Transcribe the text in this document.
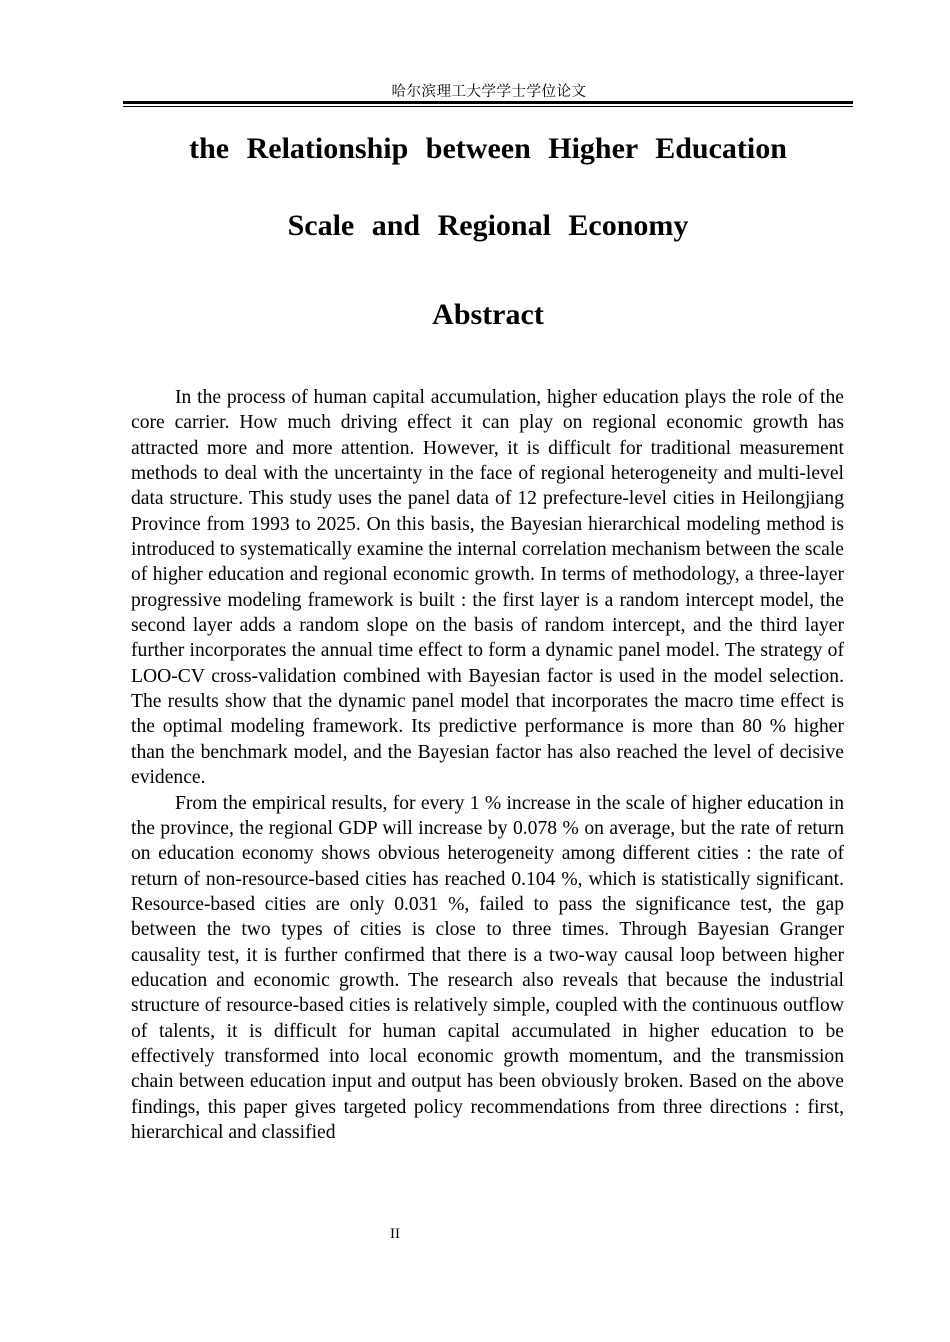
哈尔滨理工大学学士学位论文
the Relationship between Higher Education
Scale and Regional Economy
Abstract

In the process of human capital accumulation, higher education plays the role of the core carrier. How much driving effect it can play on regional economic growth has attracted more and more attention. However, it is difficult for traditional measurement methods to deal with the uncertainty in the face of regional heterogeneity and multi-level data structure. This study uses the panel data of 12 prefecture-level cities in Heilongjiang Province from 1993 to 2025. On this basis, the Bayesian hierarchical modeling method is introduced to systematically examine the internal correlation mechanism between the scale of higher education and regional economic growth. In terms of methodology, a three-layer progressive modeling framework is built : the first layer is a random intercept model, the second layer adds a random slope on the basis of random intercept, and the third layer further incorporates the annual time effect to form a dynamic panel model. The strategy of LOO-CV cross-validation combined with Bayesian factor is used in the model selection. The results show that the dynamic panel model that incorporates the macro time effect is the optimal modeling framework. Its predictive performance is more than 80 % higher than the benchmark model, and the Bayesian factor has also reached the level of decisive evidence.

From the empirical results, for every 1 % increase in the scale of higher education in the province, the regional GDP will increase by 0.078 % on average, but the rate of return on education economy shows obvious heterogeneity among different cities : the rate of return of non-resource-based cities has reached 0.104 %, which is statistically significant. Resource-based cities are only 0.031 %, failed to pass the significance test, the gap between the two types of cities is close to three times. Through Bayesian Granger causality test, it is further confirmed that there is a two-way causal loop between higher education and economic growth. The research also reveals that because the industrial structure of resource-based cities is relatively simple, coupled with the continuous outflow of talents, it is difficult for human capital accumulated in higher education to be effectively transformed into local economic growth momentum, and the transmission chain between education input and output has been obviously broken. Based on the above findings, this paper gives targeted policy recommendations from three directions : first, hierarchical and classified

II
